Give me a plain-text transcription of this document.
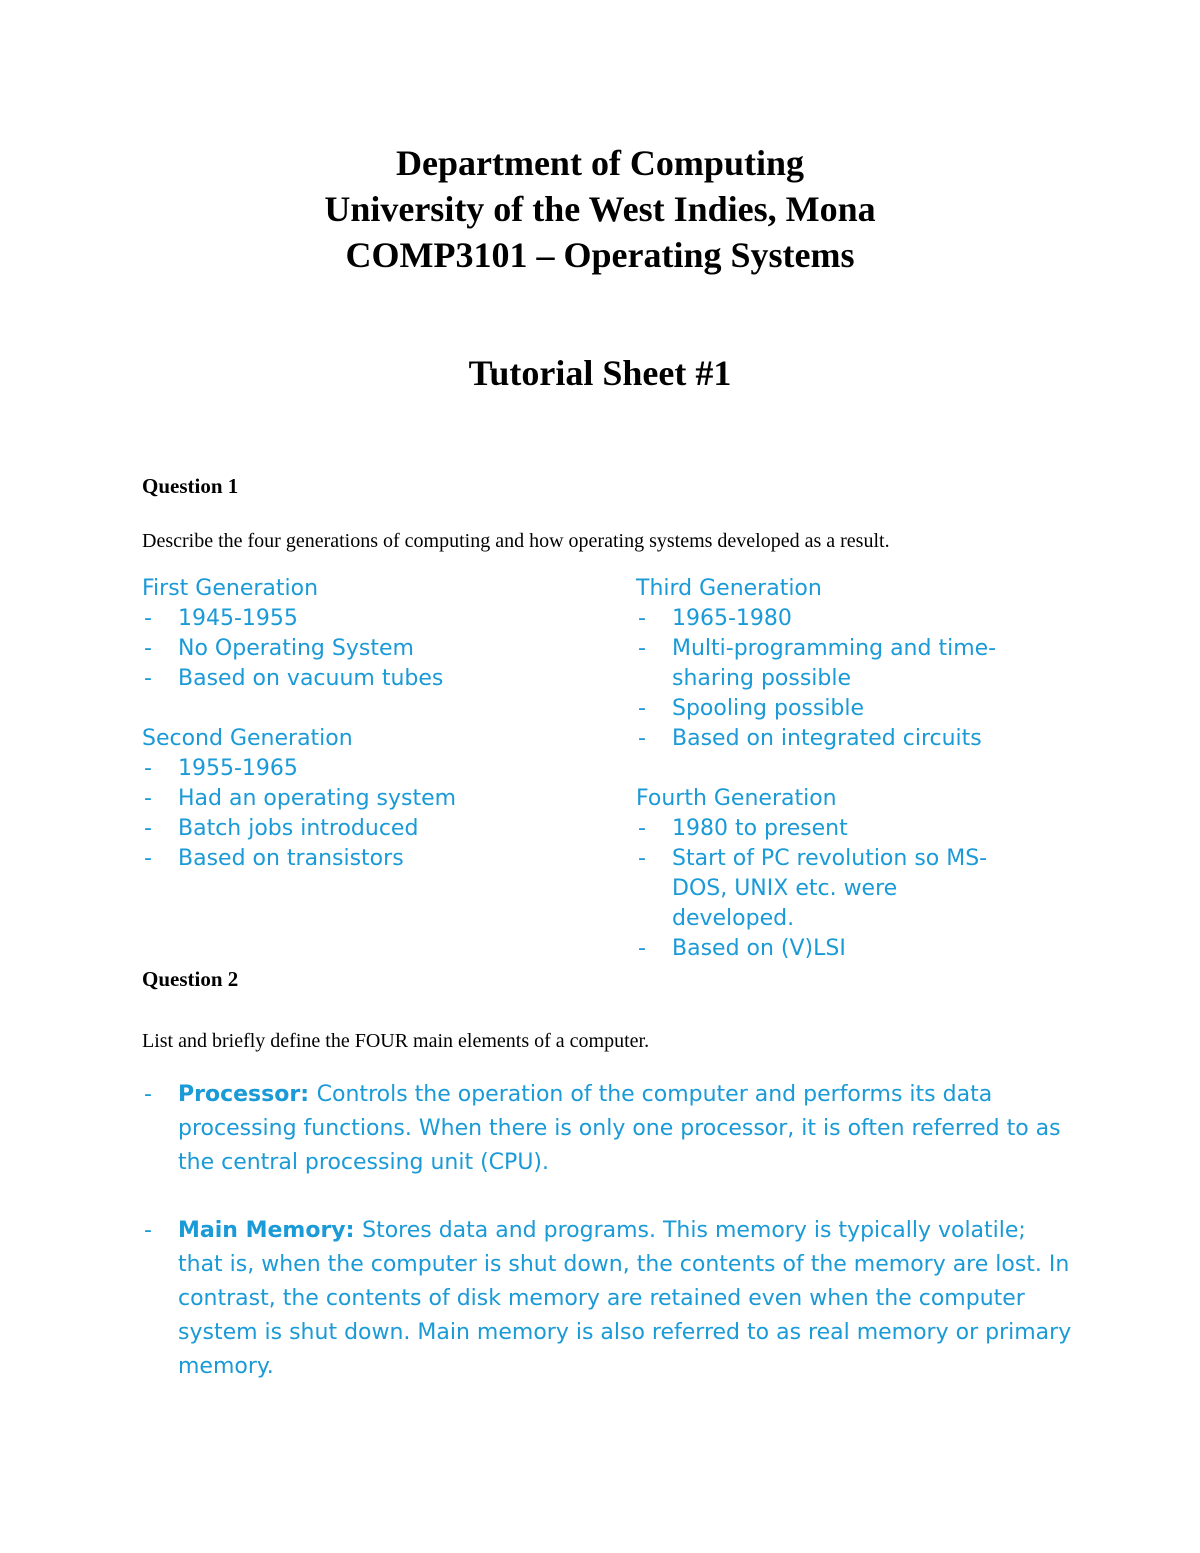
Department of Computing
University of the West Indies, Mona
COMP3101 – Operating Systems
Tutorial Sheet #1
Question 1
Describe the four generations of computing and how operating systems developed as a result.
First Generation
- 1945-1955
- No Operating System
- Based on vacuum tubes
Second Generation
- 1955-1965
- Had an operating system
- Batch jobs introduced
- Based on transistors
Third Generation
- 1965-1980
- Multi-programming and time-sharing possible
- Spooling possible
- Based on integrated circuits
Fourth Generation
- 1980 to present
- Start of PC revolution so MS-DOS, UNIX etc. were developed.
- Based on (V)LSI
Question 2
List and briefly define the FOUR main elements of a computer.
- Processor: Controls the operation of the computer and performs its data processing functions. When there is only one processor, it is often referred to as the central processing unit (CPU).
- Main Memory: Stores data and programs. This memory is typically volatile; that is, when the computer is shut down, the contents of the memory are lost. In contrast, the contents of disk memory are retained even when the computer system is shut down. Main memory is also referred to as real memory or primary memory.
